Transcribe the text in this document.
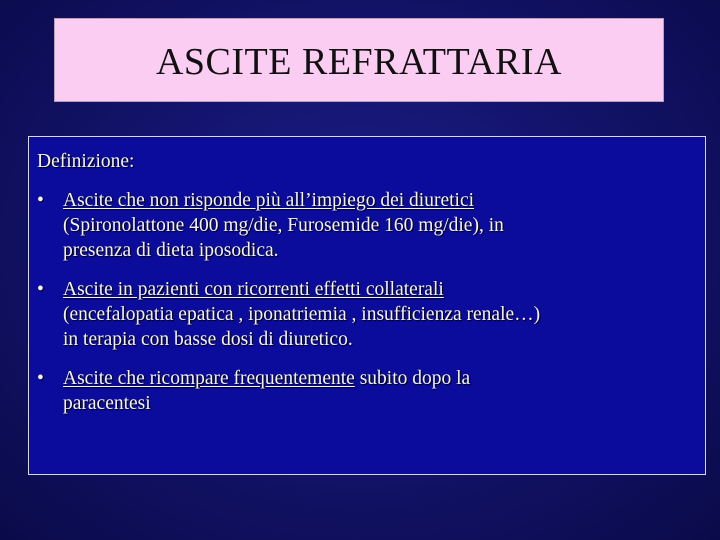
ASCITE REFRATTARIA
Definizione:
• Ascite che non risponde più all’impiego dei diuretici
(Spironolattone 400 mg/die, Furosemide 160 mg/die), in
presenza di dieta iposodica.
• Ascite in pazienti con ricorrenti effetti collaterali
(encefalopatia epatica , iponatriemia , insufficienza renale…)
in terapia con basse dosi di diuretico.
• Ascite che ricompare frequentemente subito dopo la
paracentesi
